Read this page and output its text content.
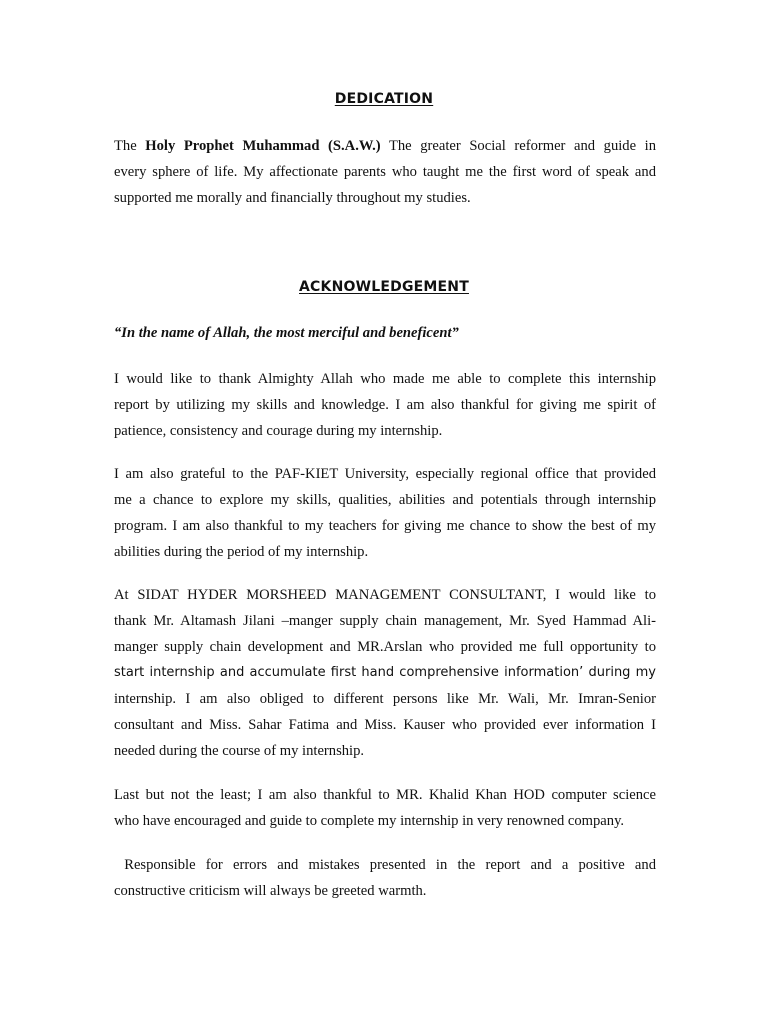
DEDICATION
The Holy Prophet Muhammad (S.A.W.) The greater Social reformer and guide in
every sphere of life. My affectionate parents who taught me the first word of speak and
supported me morally and financially throughout my studies.
ACKNOWLEDGEMENT
“In the name of Allah, the most merciful and beneficent”
I would like to thank Almighty Allah who made me able to complete this internship
report by utilizing my skills and knowledge. I am also thankful for giving me spirit of
patience, consistency and courage during my internship.
I am also grateful to the PAF-KIET University, especially regional office that provided
me a chance to explore my skills, qualities, abilities and potentials through internship
program. I am also thankful to my teachers for giving me chance to show the best of my
abilities during the period of my internship.
At SIDAT HYDER MORSHEED MANAGEMENT CONSULTANT, I would like to
thank Mr. Altamash Jilani –manger supply chain management, Mr. Syed Hammad Ali-
manger supply chain development and MR.Arslan who provided me full opportunity to
start internship and accumulate first hand comprehensive information’ during my
internship. I am also obliged to different persons like Mr. Wali, Mr. Imran-Senior
consultant and Miss. Sahar Fatima and Miss. Kauser who provided ever information I
needed during the course of my internship.
Last but not the least; I am also thankful to MR. Khalid Khan HOD computer science
who have encouraged and guide to complete my internship in very renowned company.
Responsible for errors and mistakes presented in the report and a positive and
constructive criticism will always be greeted warmth.
